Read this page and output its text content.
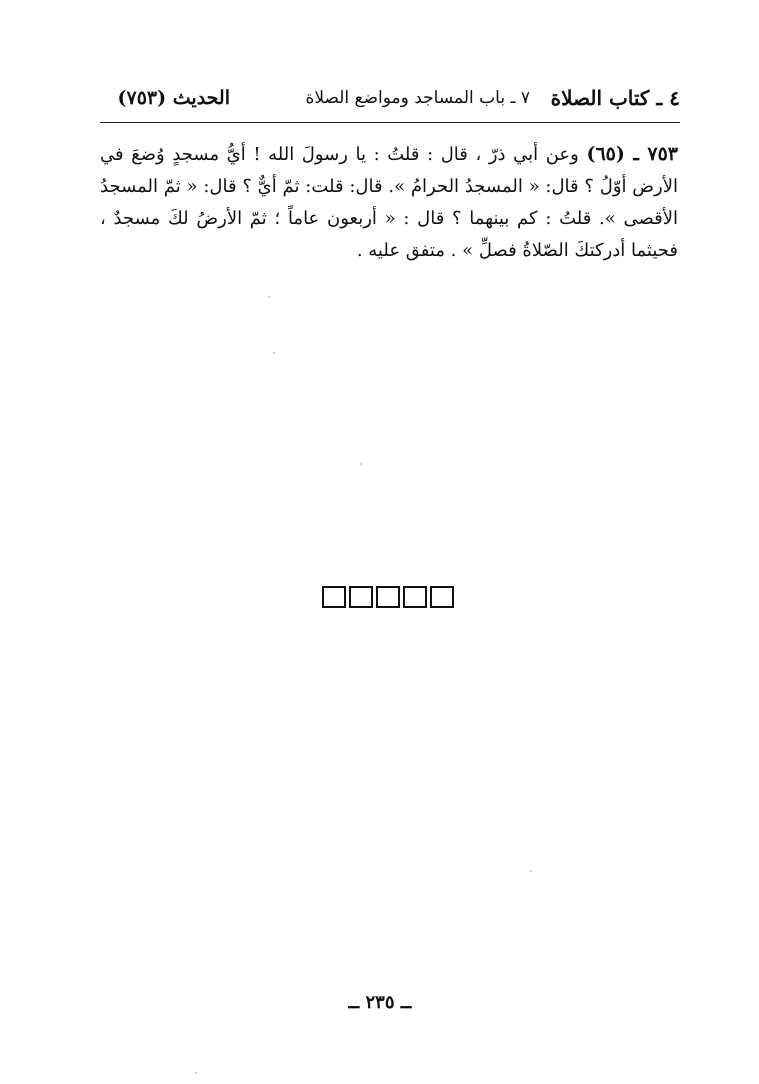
٤ ـ كتاب الصلاة
٧ ـ باب المساجد ومواضع الصلاة
الحديث (٧٥٣)
٧٥٣ ـ (٦٥) وعن أبي ذرّ ، قال : قلتُ : يا رسولَ الله ! أيُّ مسجدٍ وُضعَ في الأرض أوّلُ ؟ قال: « المسجدُ الحرامُ ». قال: قلت: ثمّ أيٌّ ؟ قال: « ثمّ المسجدُ الأقصى ». قلتُ : كم بينهما ؟ قال : « أربعون عاماً ؛ ثمّ الأرضُ لكَ مسجدٌ ، فحيثما أدركتكَ الصّلاةُ فصلِّ » . متفق عليه .
ــ ٢٣٥ ــ
